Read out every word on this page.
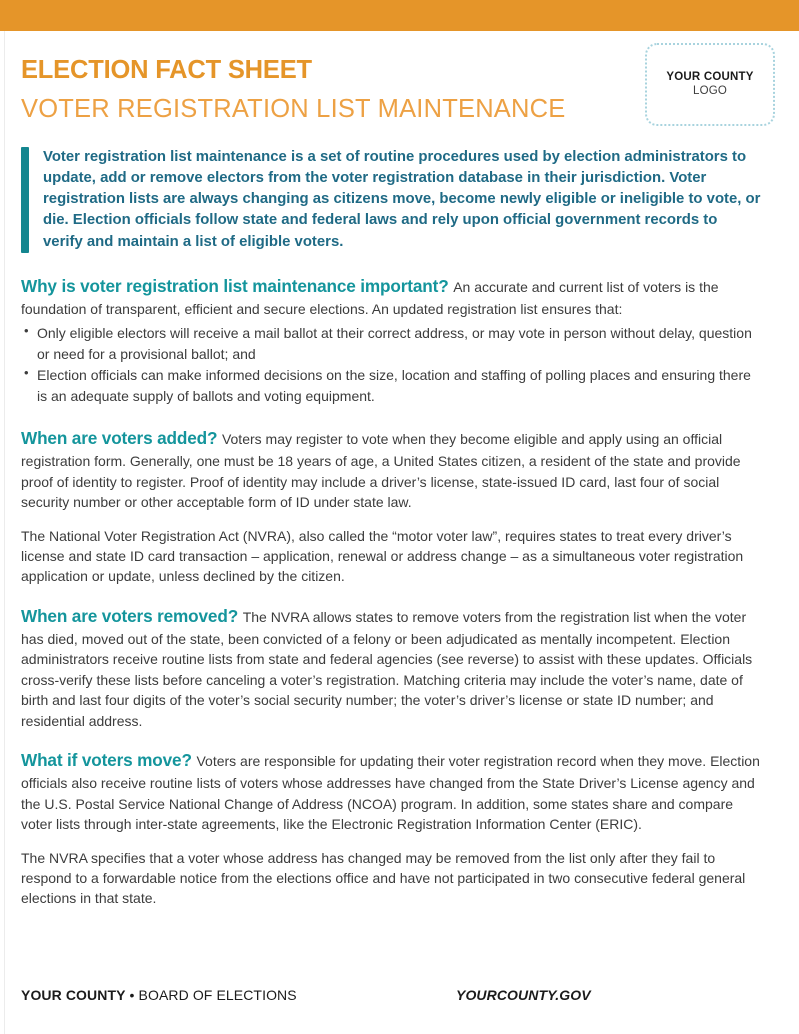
ELECTION FACT SHEET
VOTER REGISTRATION LIST MAINTENANCE
YOUR COUNTY
LOGO
Voter registration list maintenance is a set of routine procedures used by election administrators to update, add or remove electors from the voter registration database in their jurisdiction. Voter registration lists are always changing as citizens move, become newly eligible or ineligible to vote, or die. Election officials follow state and federal laws and rely upon official government records to verify and maintain a list of eligible voters.

Why is voter registration list maintenance important? An accurate and current list of voters is the foundation of transparent, efficient and secure elections. An updated registration list ensures that:

• Only eligible electors will receive a mail ballot at their correct address, or may vote in person without delay, question or need for a provisional ballot; and
• Election officials can make informed decisions on the size, location and staffing of polling places and ensuring there is an adequate supply of ballots and voting equipment.

When are voters added? Voters may register to vote when they become eligible and apply using an official registration form. Generally, one must be 18 years of age, a United States citizen, a resident of the state and provide proof of identity to register. Proof of identity may include a driver’s license, state-issued ID card, last four of social security number or other acceptable form of ID under state law.

The National Voter Registration Act (NVRA), also called the “motor voter law”, requires states to treat every driver’s license and state ID card transaction – application, renewal or address change – as a simultaneous voter registration application or update, unless declined by the citizen.

When are voters removed? The NVRA allows states to remove voters from the registration list when the voter has died, moved out of the state, been convicted of a felony or been adjudicated as mentally incompetent. Election administrators receive routine lists from state and federal agencies (see reverse) to assist with these updates. Officials cross-verify these lists before canceling a voter’s registration. Matching criteria may include the voter’s name, date of birth and last four digits of the voter’s social security number; the voter’s driver’s license or state ID number; and residential address.

What if voters move? Voters are responsible for updating their voter registration record when they move. Election officials also receive routine lists of voters whose addresses have changed from the State Driver’s License agency and the U.S. Postal Service National Change of Address (NCOA) program. In addition, some states share and compare voter lists through inter-state agreements, like the Electronic Registration Information Center (ERIC).

The NVRA specifies that a voter whose address has changed may be removed from the list only after they fail to respond to a forwardable notice from the elections office and have not participated in two consecutive federal general elections in that state.

YOUR COUNTY • BOARD OF ELECTIONS	YOURCOUNTY.GOV
